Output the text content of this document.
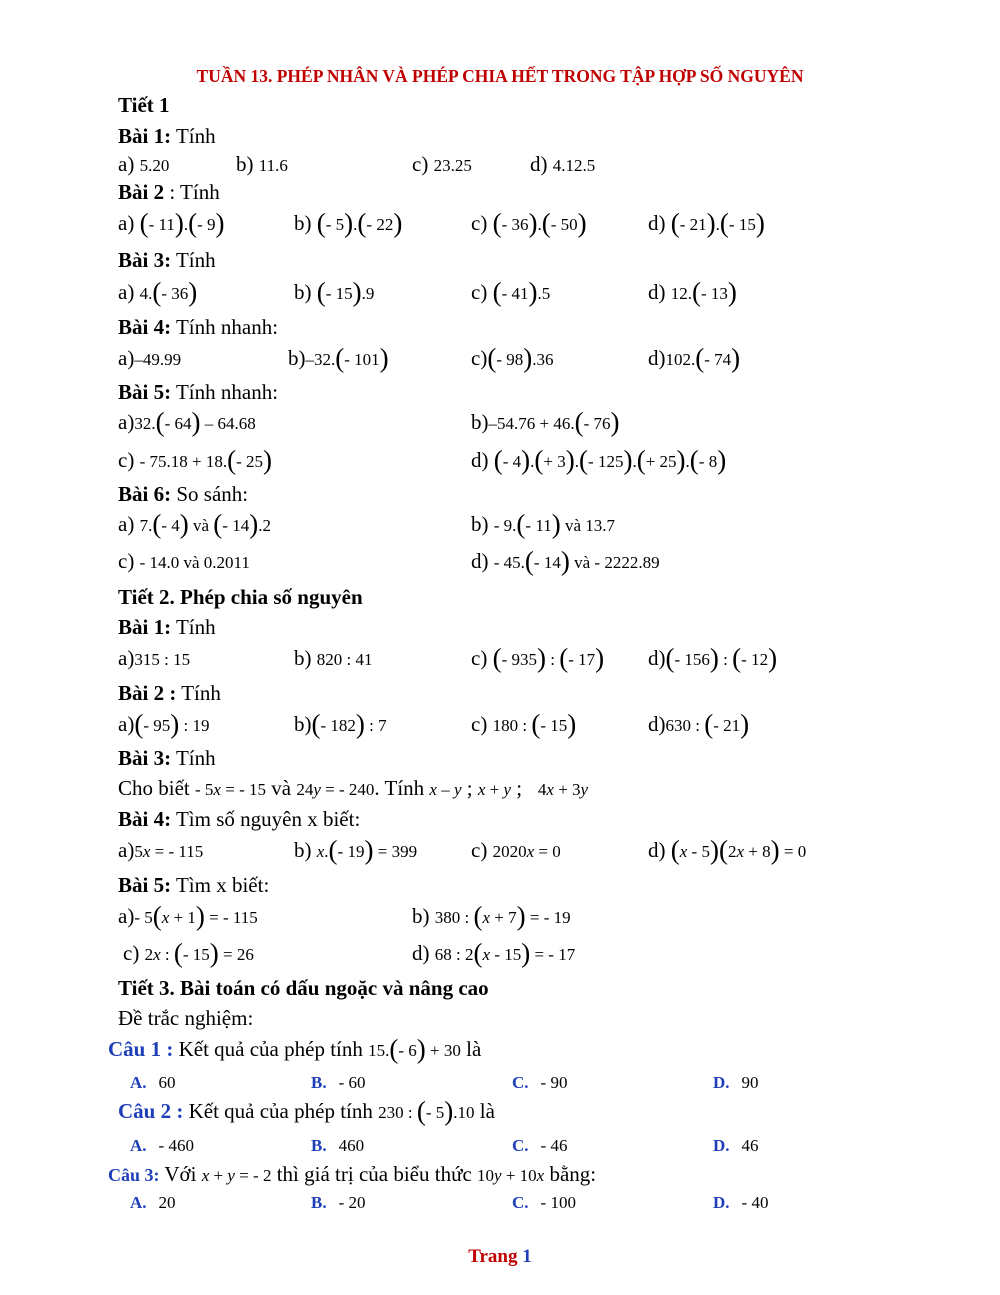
TUẦN 13. PHÉP NHÂN VÀ PHÉP CHIA HẾT TRONG TẬP HỢP SỐ NGUYÊN
Tiết 1
Bài 1: Tính
a) 5.20	b) 11.6	c) 23.25	d) 4.12.5
Bài 2 : Tính
a) (- 11).(- 9)	b) (- 5).(- 22)	c) (- 36).(- 50)	d) (- 21).(- 15)
Bài 3: Tính
a) 4.(- 36)	b) (- 15).9	c) (- 41).5	d) 12.(- 13)
Bài 4: Tính nhanh:
a)–49.99	b)–32.(- 101)	c)(- 98).36	d)102.(- 74)
Bài 5: Tính nhanh:
a)32.(- 64) – 64.68	b)–54.76 + 46.(- 76)
c) - 75.18 + 18.(- 25)	d) (- 4).(+ 3).(- 125).(+ 25).(- 8)
Bài 6: So sánh:
a) 7.(- 4) và (- 14).2	b) - 9.(- 11) và 13.7
c) - 14.0 và 0.2011	d) - 45.(- 14) và - 2222.89
Tiết 2. Phép chia số nguyên
Bài 1: Tính
a)315 : 15	b) 820 : 41	c) (- 935) : (- 17) d)(- 156) : (- 12)
Bài 2 : Tính
a)(- 95) : 19	b)(- 182) : 7	c) 180 : (- 15)	d)630 : (- 21)
Bài 3: Tính
Cho biết - 5x = - 15 và 24y = - 240. Tính x – y ; x + y ; 4x + 3y
Bài 4: Tìm số nguyên x biết:
a)5x = - 115	b) x.(- 19) = 399	c) 2020x = 0	d) (x - 5)(2x + 8) = 0
Bài 5: Tìm x biết:
a)- 5(x + 1) = - 115	b) 380 : (x + 7) = - 19
c) 2x : (- 15) = 26	d) 68 : 2(x - 15) = - 17
Tiết 3. Bài toán có dấu ngoặc và nâng cao
Đề trắc nghiệm:
Câu 1 : Kết quả của phép tính 15.(- 6) + 30 là
A. 60	B. - 60	C. - 90	D. 90
Câu 2 : Kết quả của phép tính 230 : (- 5).10 là
A. - 460	B. 460	C. - 46	D. 46
Câu 3: Với x + y = - 2 thì giá trị của biểu thức 10y + 10x bằng:
A. 20	B. - 20	C. - 100	D. - 40
Trang 1
